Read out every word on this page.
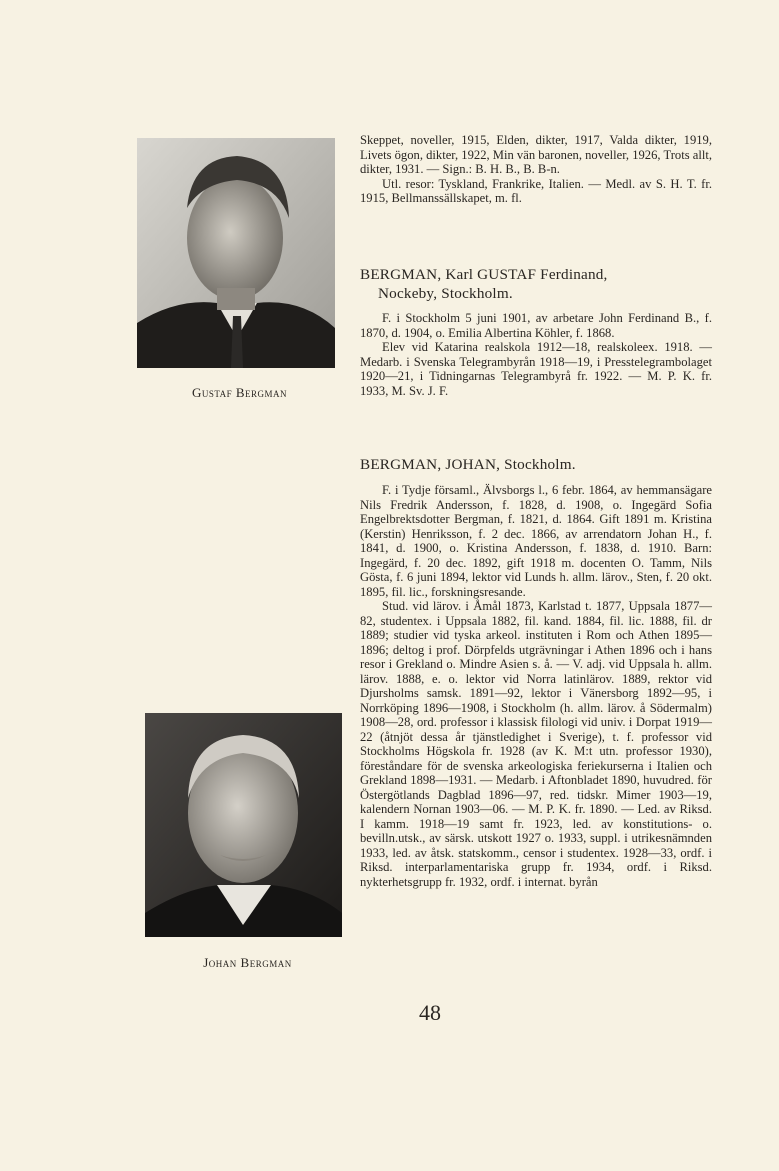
Skeppet, noveller, 1915, Elden, dikter, 1917, Valda dikter, 1919, Livets ögon, dikter, 1922, Min vän baronen, noveller, 1926, Trots allt, dikter, 1931. — Sign.: B. H. B., B. B-n.

Utl. resor: Tyskland, Frankrike, Italien. — Medl. av S. H. T. fr. 1915, Bellmanssällskapet, m. fl.

Gustaf Bergman
BERGMAN, Karl GUSTAF Ferdinand,
Nockeby, Stockholm.

F. i Stockholm 5 juni 1901, av arbetare John Ferdinand B., f. 1870, d. 1904, o. Emilia Albertina Köhler, f. 1868.

Elev vid Katarina realskola 1912—18, realskoleex. 1918. — Medarb. i Svenska Telegrambyrån 1918—19, i Presstelegrambolaget 1920—21, i Tidningarnas Telegrambyrå fr. 1922. — M. P. K. fr. 1933, M. Sv. J. F.

BERGMAN, JOHAN, Stockholm.

F. i Tydje församl., Älvsborgs l., 6 febr. 1864, av hemmansägare Nils Fredrik Andersson, f. 1828, d. 1908, o. Ingegärd Sofia Engelbrektsdotter Bergman, f. 1821, d. 1864. Gift 1891 m. Kristina (Kerstin) Henriksson, f. 2 dec. 1866, av arrendatorn Johan H., f. 1841, d. 1900, o. Kristina Andersson, f. 1838, d. 1910. Barn: Ingegärd, f. 20 dec. 1892, gift 1918 m. docenten O. Tamm, Nils Gösta, f. 6 juni 1894, lektor vid Lunds h. allm. lärov., Sten, f. 20 okt. 1895, fil. lic., forskningsresande.

Stud. vid lärov. i Åmål 1873, Karlstad t. 1877, Uppsala 1877—82, studentex. i Uppsala 1882, fil. kand. 1884, fil. lic. 1888, fil. dr 1889; studier vid tyska arkeol. instituten i Rom och Athen 1895—1896; deltog i prof. Dörpfelds utgrävningar i Athen 1896 och i hans resor i Grekland o. Mindre Asien s. å. — V. adj. vid Uppsala h. allm. lärov. 1888, e. o. lektor vid Norra latinlärov. 1889, rektor vid Djursholms samsk. 1891—92, lektor i Vänersborg 1892—95, i Norrköping 1896—1908, i Stockholm (h. allm. lärov. å Södermalm) 1908—28, ord. professor i klassisk filologi vid univ. i Dorpat 1919—22 (åtnjöt dessa år tjänstledighet i Sverige), t. f. professor vid Stockholms Högskola fr. 1928 (av K. M:t utn. professor 1930), föreståndare för de svenska arkeologiska feriekurserna i Italien och Grekland 1898—1931. — Medarb. i Aftonbladet 1890, huvudred. för Östergötlands Dagblad 1896—97, red. tidskr. Mimer 1903—19, kalendern Nornan 1903—06. — M. P. K. fr. 1890. — Led. av Riksd. I kamm. 1918—19 samt fr. 1923, led. av konstitutions- o. bevilln.utsk., av särsk. utskott 1927 o. 1933, suppl. i utrikesnämnden 1933, led. av åtsk. statskomm., censor i studentex. 1928—33, ordf. i Riksd. interparlamentariska grupp fr. 1934, ordf. i Riksd. nykterhetsgrupp fr. 1932, ordf. i internat. byrån

Johan Bergman
48
